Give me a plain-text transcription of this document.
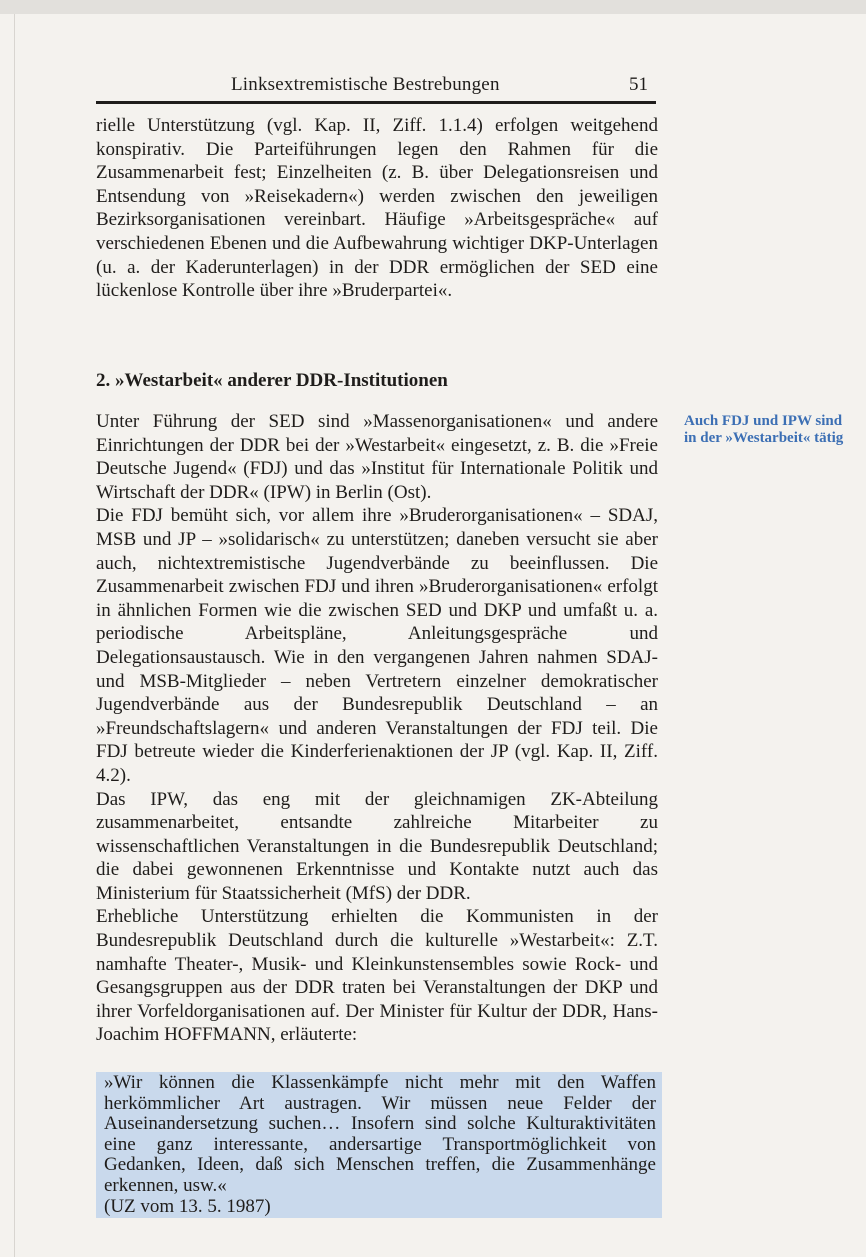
Linksextremistische Bestrebungen	51
rielle Unterstützung (vgl. Kap. II, Ziff. 1.1.4) erfolgen weitgehend konspirativ. Die Parteiführungen legen den Rahmen für die Zusammenarbeit fest; Einzelheiten (z. B. über Delegationsreisen und Entsendung von »Reisekadern«) werden zwischen den jeweiligen Bezirksorganisationen vereinbart. Häufige »Arbeitsgespräche« auf verschiedenen Ebenen und die Aufbewahrung wichtiger DKP-Unterlagen (u. a. der Kaderunterlagen) in der DDR ermöglichen der SED eine lückenlose Kontrolle über ihre »Bruderpartei«.
2. »Westarbeit« anderer DDR-Institutionen
Auch FDJ und IPW sind in der »Westarbeit« tätig

Unter Führung der SED sind »Massenorganisationen« und andere Einrichtungen der DDR bei der »Westarbeit« eingesetzt, z. B. die »Freie Deutsche Jugend« (FDJ) und das »Institut für Internationale Politik und Wirtschaft der DDR« (IPW) in Berlin (Ost).

Die FDJ bemüht sich, vor allem ihre »Bruderorganisationen« – SDAJ, MSB und JP – »solidarisch« zu unterstützen; daneben versucht sie aber auch, nichtextremistische Jugendverbände zu beeinflussen. Die Zusammenarbeit zwischen FDJ und ihren »Bruderorganisationen« erfolgt in ähnlichen Formen wie die zwischen SED und DKP und umfaßt u. a. periodische Arbeitspläne, Anleitungsgespräche und Delegationsaustausch. Wie in den vergangenen Jahren nahmen SDAJ- und MSB-Mitglieder – neben Vertretern einzelner demokratischer Jugendverbände aus der Bundesrepublik Deutschland – an »Freundschaftslagern« und anderen Veranstaltungen der FDJ teil. Die FDJ betreute wieder die Kinderferienaktionen der JP (vgl. Kap. II, Ziff. 4.2).

Das IPW, das eng mit der gleichnamigen ZK-Abteilung zusammenarbeitet, entsandte zahlreiche Mitarbeiter zu wissenschaftlichen Veranstaltungen in die Bundesrepublik Deutschland; die dabei gewonnenen Erkenntnisse und Kontakte nutzt auch das Ministerium für Staatssicherheit (MfS) der DDR.

Erhebliche Unterstützung erhielten die Kommunisten in der Bundesrepublik Deutschland durch die kulturelle »Westarbeit«: Z.T. namhafte Theater-, Musik- und Kleinkunstensembles sowie Rock- und Gesangsgruppen aus der DDR traten bei Veranstaltungen der DKP und ihrer Vorfeldorganisationen auf. Der Minister für Kultur der DDR, Hans-Joachim HOFFMANN, erläuterte:

»Wir können die Klassenkämpfe nicht mehr mit den Waffen herkömmlicher Art austragen. Wir müssen neue Felder der Auseinandersetzung suchen… Insofern sind solche Kulturaktivitäten eine ganz interessante, andersartige Transportmöglichkeit von Gedanken, Ideen, daß sich Menschen treffen, die Zusammenhänge erkennen, usw.«

(UZ vom 13. 5. 1987)
